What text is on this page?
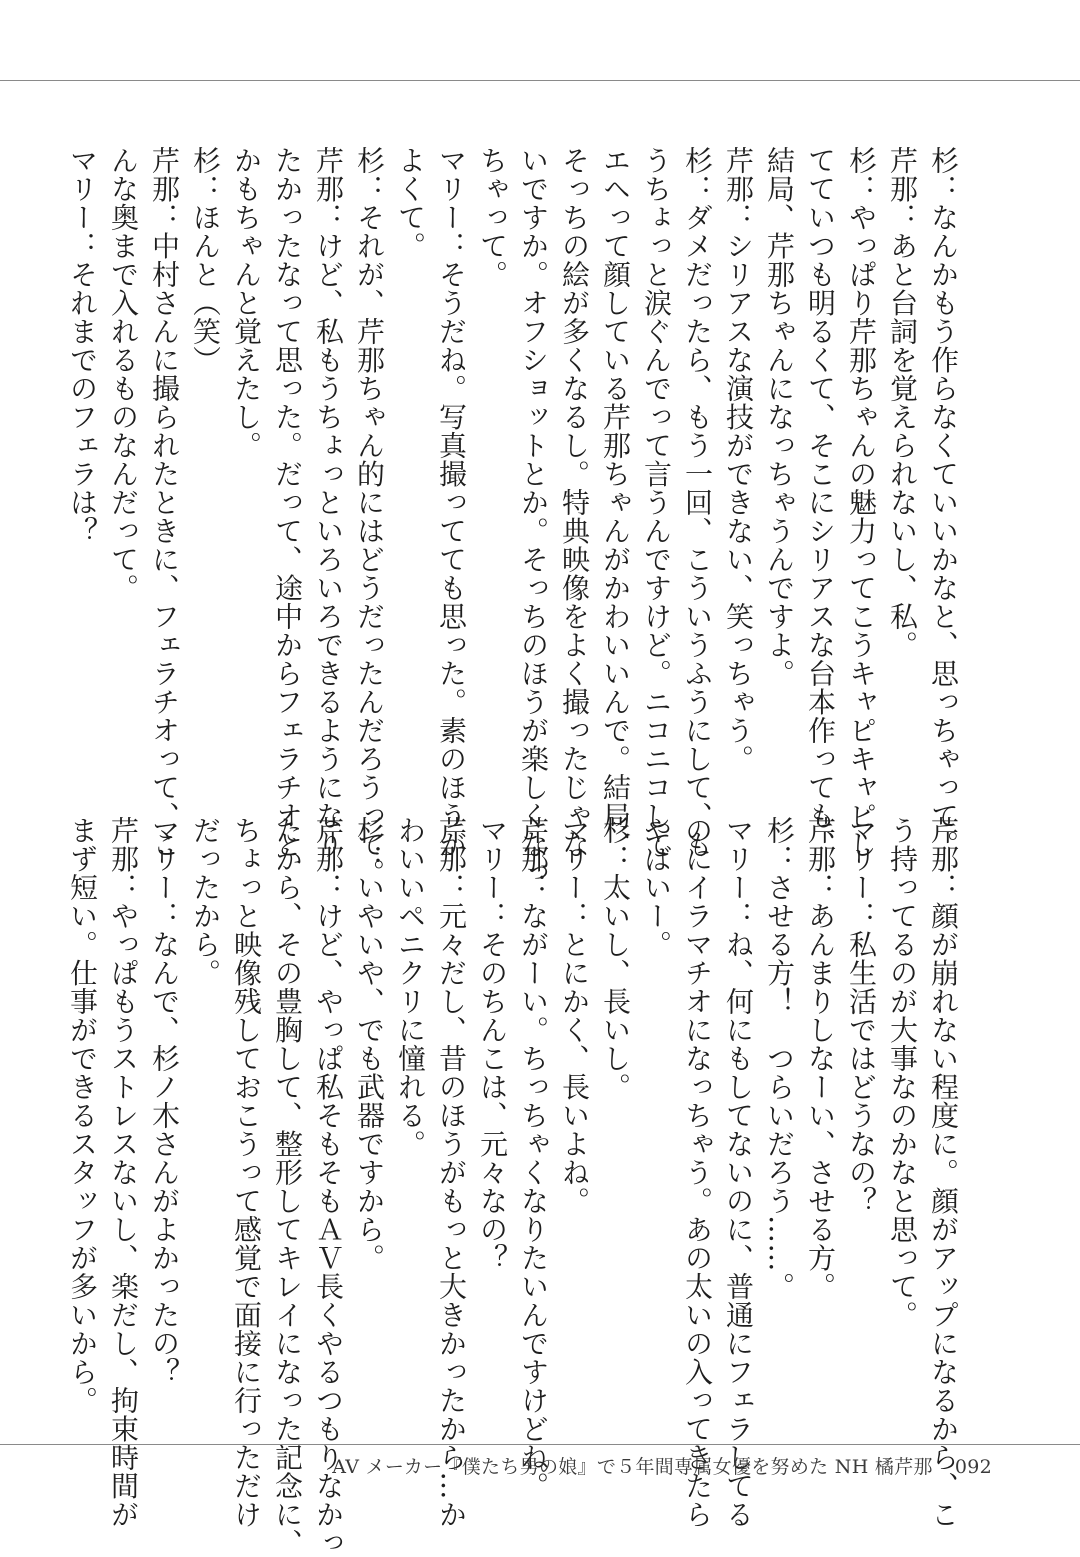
杉：なんかもう作らなくていいかなと、思っちゃって。

芹那：あと台詞を覚えられないし、私。

杉：やっぱり芹那ちゃんの魅力ってこうキャピキャピし

てていつも明るくて、そこにシリアスな台本作っても、

結局、芹那ちゃんになっちゃうんですよ。

芹那：シリアスな演技ができない、笑っちゃう。

杉：ダメだったら、もう一回、こういうふうにして、も

うちょっと涙ぐんでって言うんですけど。ニコニコして

エヘって顔している芹那ちゃんがかわいいんで。結局、

そっちの絵が多くなるし。特典映像をよく撮ったじゃな

いですか。オフショットとか。そっちのほうが楽しくなっ

ちゃって。

マリー：そうだね。写真撮ってても思った。素のほうが

よくて。

杉：それが、芹那ちゃん的にはどうだったんだろうって。

芹那：けど、私もうちょっといろいろできるようになり

たかったなって思った。だって、途中からフェラチオと

かもちゃんと覚えたし。

杉：ほんと（笑）

芹那：中村さんに撮られたときに、フェラチオって、こ

んな奥まで入れるものなんだって。

マリー：それまでのフェラは？

芹那：顔が崩れない程度に。顔がアップになるから、こ

う持ってるのが大事なのかなと思って。

マリー：私生活ではどうなの？

芹那：あんまりしなーい、させる方。

杉：させる方！　つらいだろう……。

マリー：ね、何にもしてないのに、普通にフェラしてる

のにイラマチオになっちゃう。あの太いの入ってきたら

やばいー。

杉：太いし、長いし。

マリー：とにかく、長いよね。

芹那：ながーい。ちっちゃくなりたいんですけどね。

マリー：そのちんこは、元々なの？

芹那：元々だし、昔のほうがもっと大きかったから…か

わいいペニクリに憧れる。

杉：いやいや、でも武器ですから。

芹那：けど、やっぱ私そもそもＡＶ長くやるつもりなかっ

たから、その豊胸して、整形してキレイになった記念に、

ちょっと映像残しておこうって感覚で面接に行っただけ

だったから。

マリー：なんで、杉ノ木さんがよかったの？

芹那：やっぱもうストレスないし、楽だし、拘束時間が

まず短い。仕事ができるスタッフが多いから。

AV メーカー『僕たち男の娘』で５年間専属女優を努めた NH 橘芹那 092
